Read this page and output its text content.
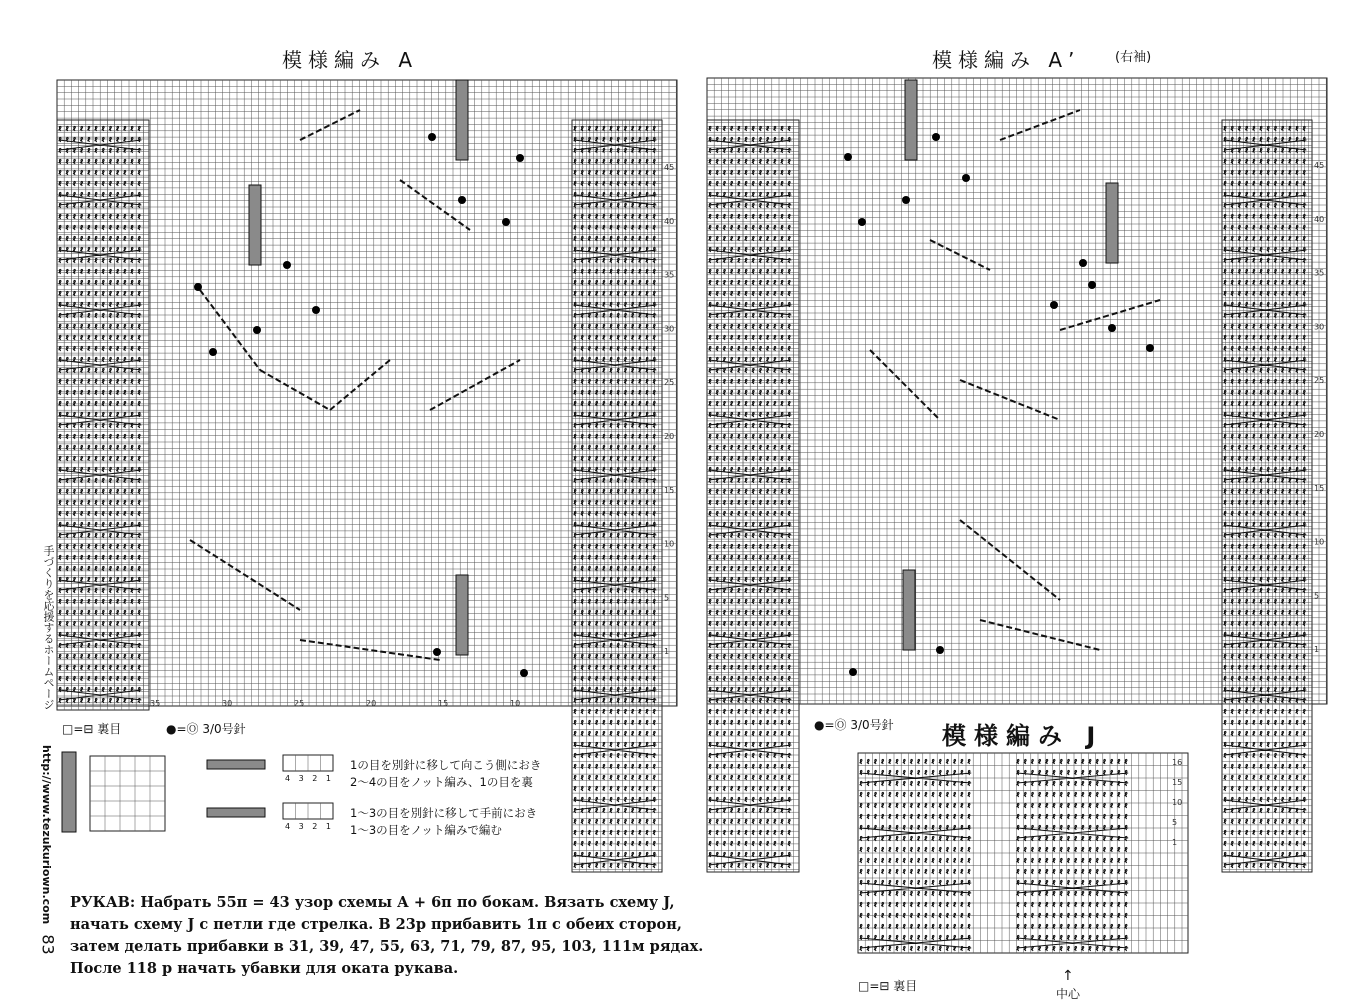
35	30	25	20	15	10
45
40
35
30
25
20
15
10
5
1
45
40
35
30
25
20
15
10
5
1
16
15
10
5
1
模様編み A	模様編み A’	(右袖)
模様編み J
↑
中心
□=⊟ 裏目	●=Ⓞ 3/0号針	●=Ⓞ 3/0号針
□=⊟ 裏目
1の目を別針に移して向こう側におき
2〜4の目をノット編み、1の目を裏
1〜3の目を別針に移して手前におき
1〜3の目をノット編みで編む
4 3 2 1
4 3 2 1
手づくりを応援するホームページ
http://www.tezukuriown.com
83
РУКАВ: Набрать 55п = 43 узор схемы А + 6п по бокам. Вязать схему J,
начать схему J с петли где стрелка. В 23р прибавить 1п с обеих сторон,
затем делать прибавки в 31, 39, 47, 55, 63, 71, 79, 87, 95, 103, 111м рядах.
После 118 р начать убавки для оката рукава.
